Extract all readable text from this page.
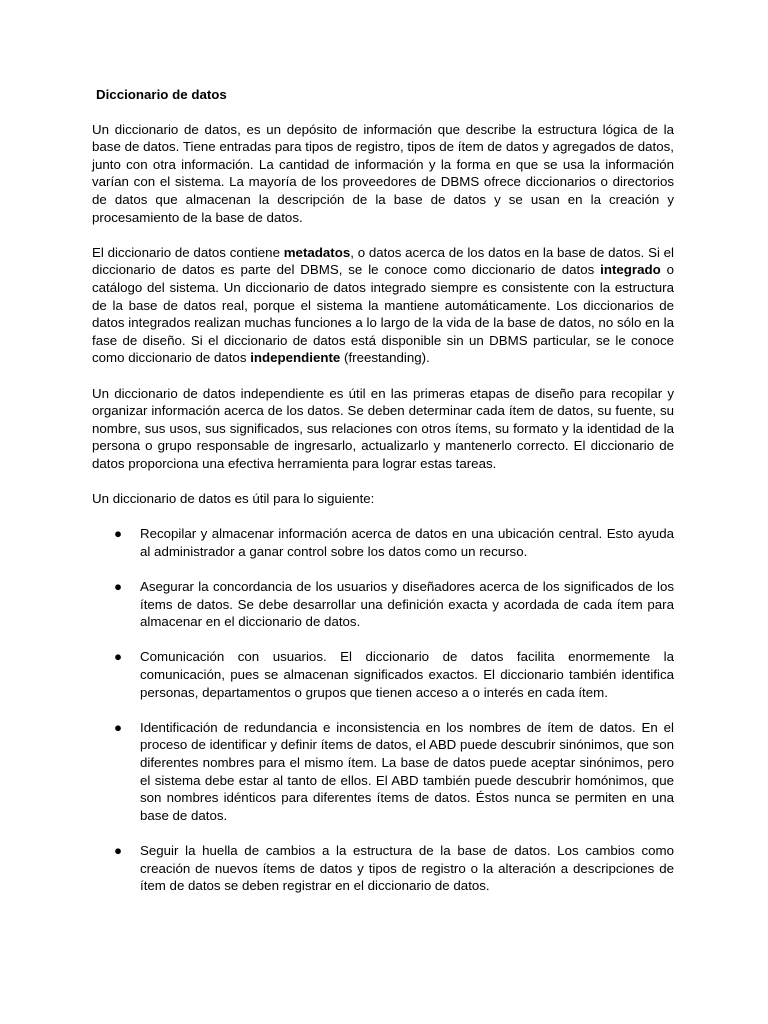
Diccionario de datos

Un diccionario de datos, es un depósito de información que describe la estructura lógica de la base de datos. Tiene entradas para tipos de registro, tipos de ítem de datos y agregados de datos, junto con otra información. La cantidad de información y la forma en que se usa la información varían con el sistema. La mayoría de los proveedores de DBMS ofrece diccionarios o directorios de datos que almacenan la descripción de la base de datos y se usan en la creación y procesamiento de la base de datos.

El diccionario de datos contiene metadatos, o datos acerca de los datos en la base de datos. Si el diccionario de datos es parte del DBMS, se le conoce como diccionario de datos integrado o catálogo del sistema. Un diccionario de datos integrado siempre es consistente con la estructura de la base de datos real, porque el sistema la mantiene automáticamente. Los diccionarios de datos integrados realizan muchas funciones a lo largo de la vida de la base de datos, no sólo en la fase de diseño. Si el diccionario de datos está disponible sin un DBMS particular, se le conoce como diccionario de datos independiente (freestanding).

Un diccionario de datos independiente es útil en las primeras etapas de diseño para recopilar y organizar información acerca de los datos. Se deben determinar cada ítem de datos, su fuente, su nombre, sus usos, sus significados, sus relaciones con otros ítems, su formato y la identidad de la persona o grupo responsable de ingresarlo, actualizarlo y mantenerlo correcto. El diccionario de datos proporciona una efectiva herramienta para lograr estas tareas.

Un diccionario de datos es útil para lo siguiente:

● Recopilar y almacenar información acerca de datos en una ubicación central. Esto ayuda al administrador a ganar control sobre los datos como un recurso.
● Asegurar la concordancia de los usuarios y diseñadores acerca de los significados de los ítems de datos. Se debe desarrollar una definición exacta y acordada de cada ítem para almacenar en el diccionario de datos.
● Comunicación con usuarios. El diccionario de datos facilita enormemente la comunicación, pues se almacenan significados exactos. El diccionario también identifica personas, departamentos o grupos que tienen acceso a o interés en cada ítem.
● Identificación de redundancia e inconsistencia en los nombres de ítem de datos. En el proceso de identificar y definir ítems de datos, el ABD puede descubrir sinónimos, que son diferentes nombres para el mismo ítem. La base de datos puede aceptar sinónimos, pero el sistema debe estar al tanto de ellos. El ABD también puede descubrir homónimos, que son nombres idénticos para diferentes ítems de datos. Éstos nunca se permiten en una base de datos.
● Seguir la huella de cambios a la estructura de la base de datos. Los cambios como creación de nuevos ítems de datos y tipos de registro o la alteración a descripciones de ítem de datos se deben registrar en el diccionario de datos.
